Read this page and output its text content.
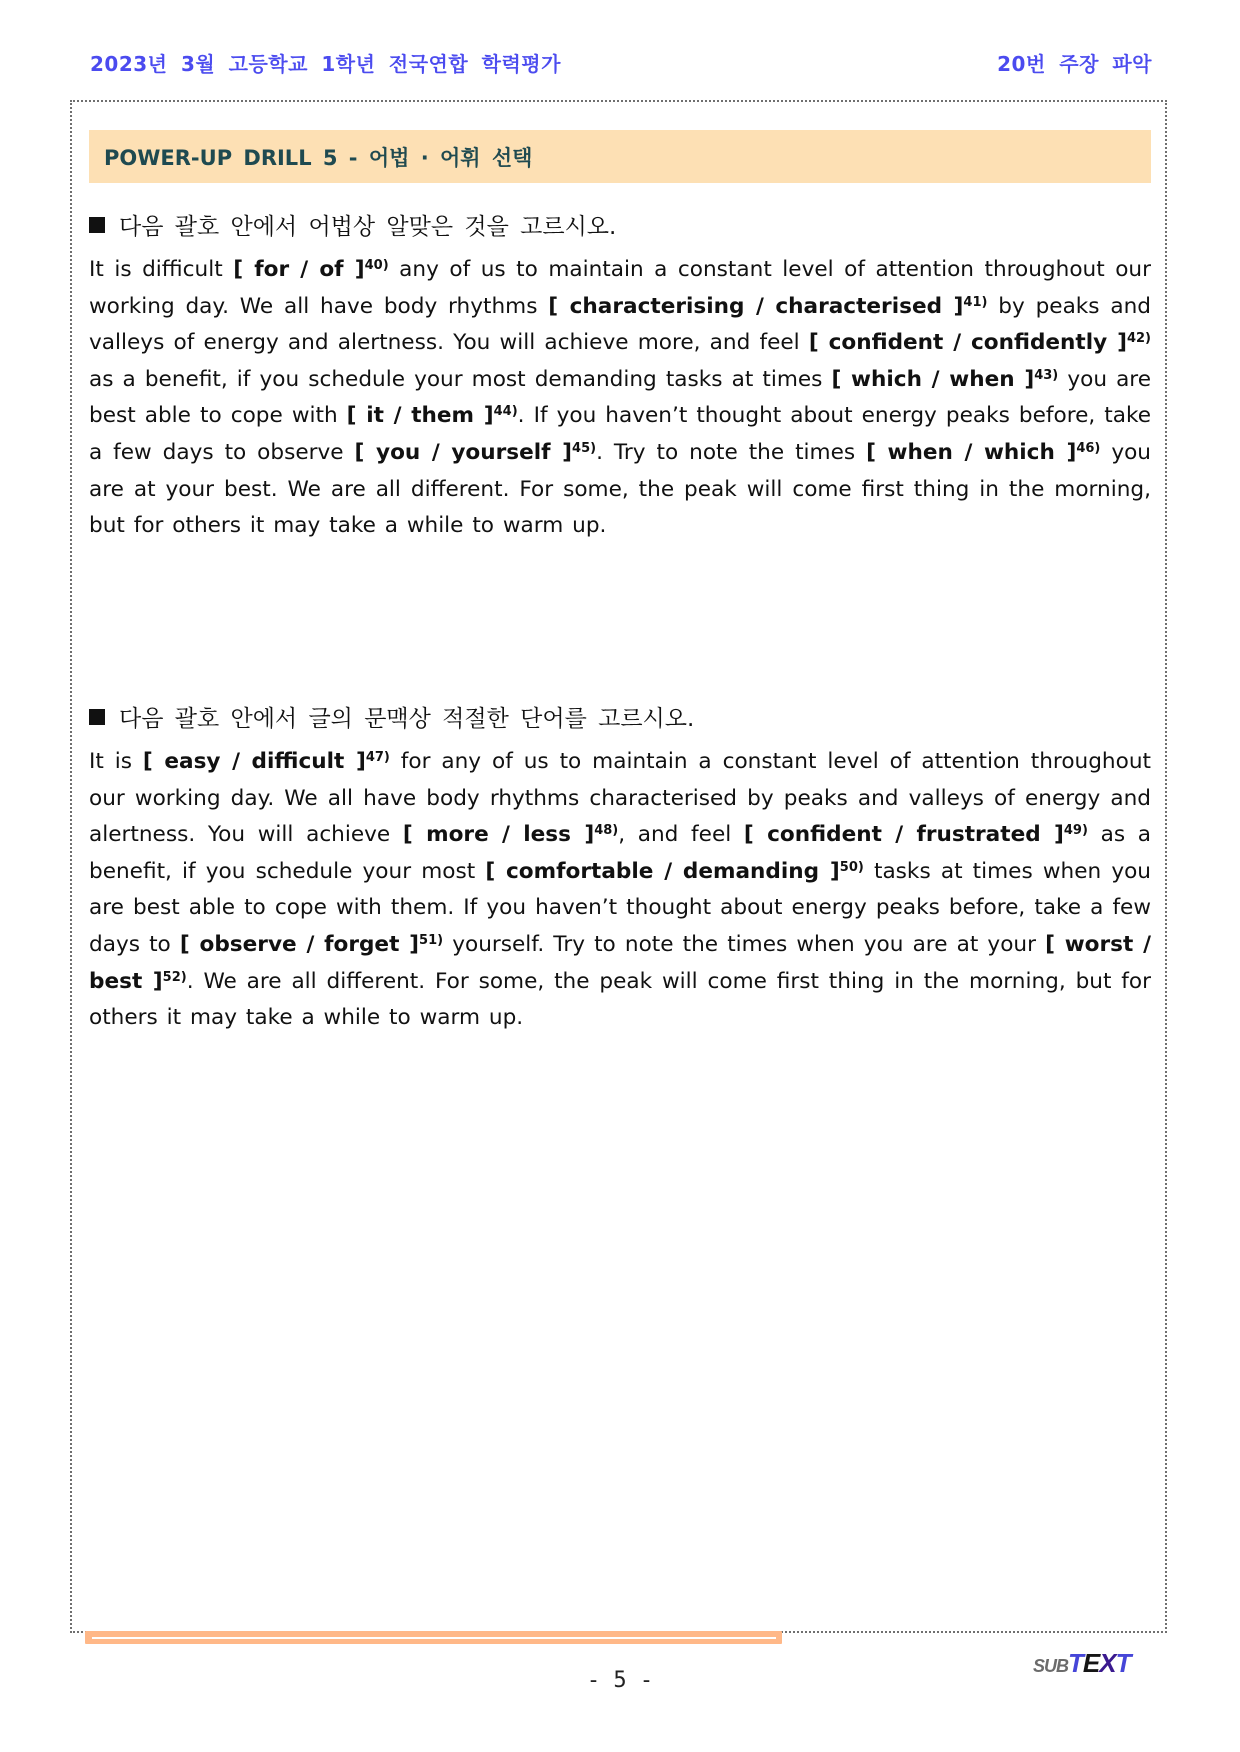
2023년 3월 고등학교 1학년 전국연합 학력평가	20번 주장 파악
POWER-UP DRILL 5 - 어법 · 어휘 선택
다음 괄호 안에서 어법상 알맞은 것을 고르시오.
It is difficult [ for / of ]$^{40)}$ any of us to maintain a constant level of attention throughout our working day. We all have body rhythms [ characterising / characterised ]$^{41)}$ by peaks and valleys of energy and alertness. You will achieve more, and feel [ confident / confidently ]$^{42)}$ as a benefit, if you schedule your most demanding tasks at times [ which / when ]$^{43)}$ you are best able to cope with [ it / them ]$^{44)}$. If you haven’t thought about energy peaks before, take a few days to observe [ you / yourself ]$^{45)}$. Try to note the times [ when / which ]$^{46)}$ you are at your best. We are all different. For some, the peak will come first thing in the morning, but for others it may take a while to warm up.
다음 괄호 안에서 글의 문맥상 적절한 단어를 고르시오.
It is [ easy / difficult ]$^{47)}$ for any of us to maintain a constant level of attention throughout our working day. We all have body rhythms characterised by peaks and valleys of energy and alertness. You will achieve [ more / less ]$^{48)}$, and feel [ confident / frustrated ]$^{49)}$ as a benefit, if you schedule your most [ comfortable / demanding ]$^{50)}$ tasks at times when you are best able to cope with them. If you haven’t thought about energy peaks before, take a few days to [ observe / forget ]$^{51)}$ yourself. Try to note the times when you are at your [ worst / best ]$^{52)}$. We are all different. For some, the peak will come first thing in the morning, but for others it may take a while to warm up.
- 5 -
SUBTEXT
